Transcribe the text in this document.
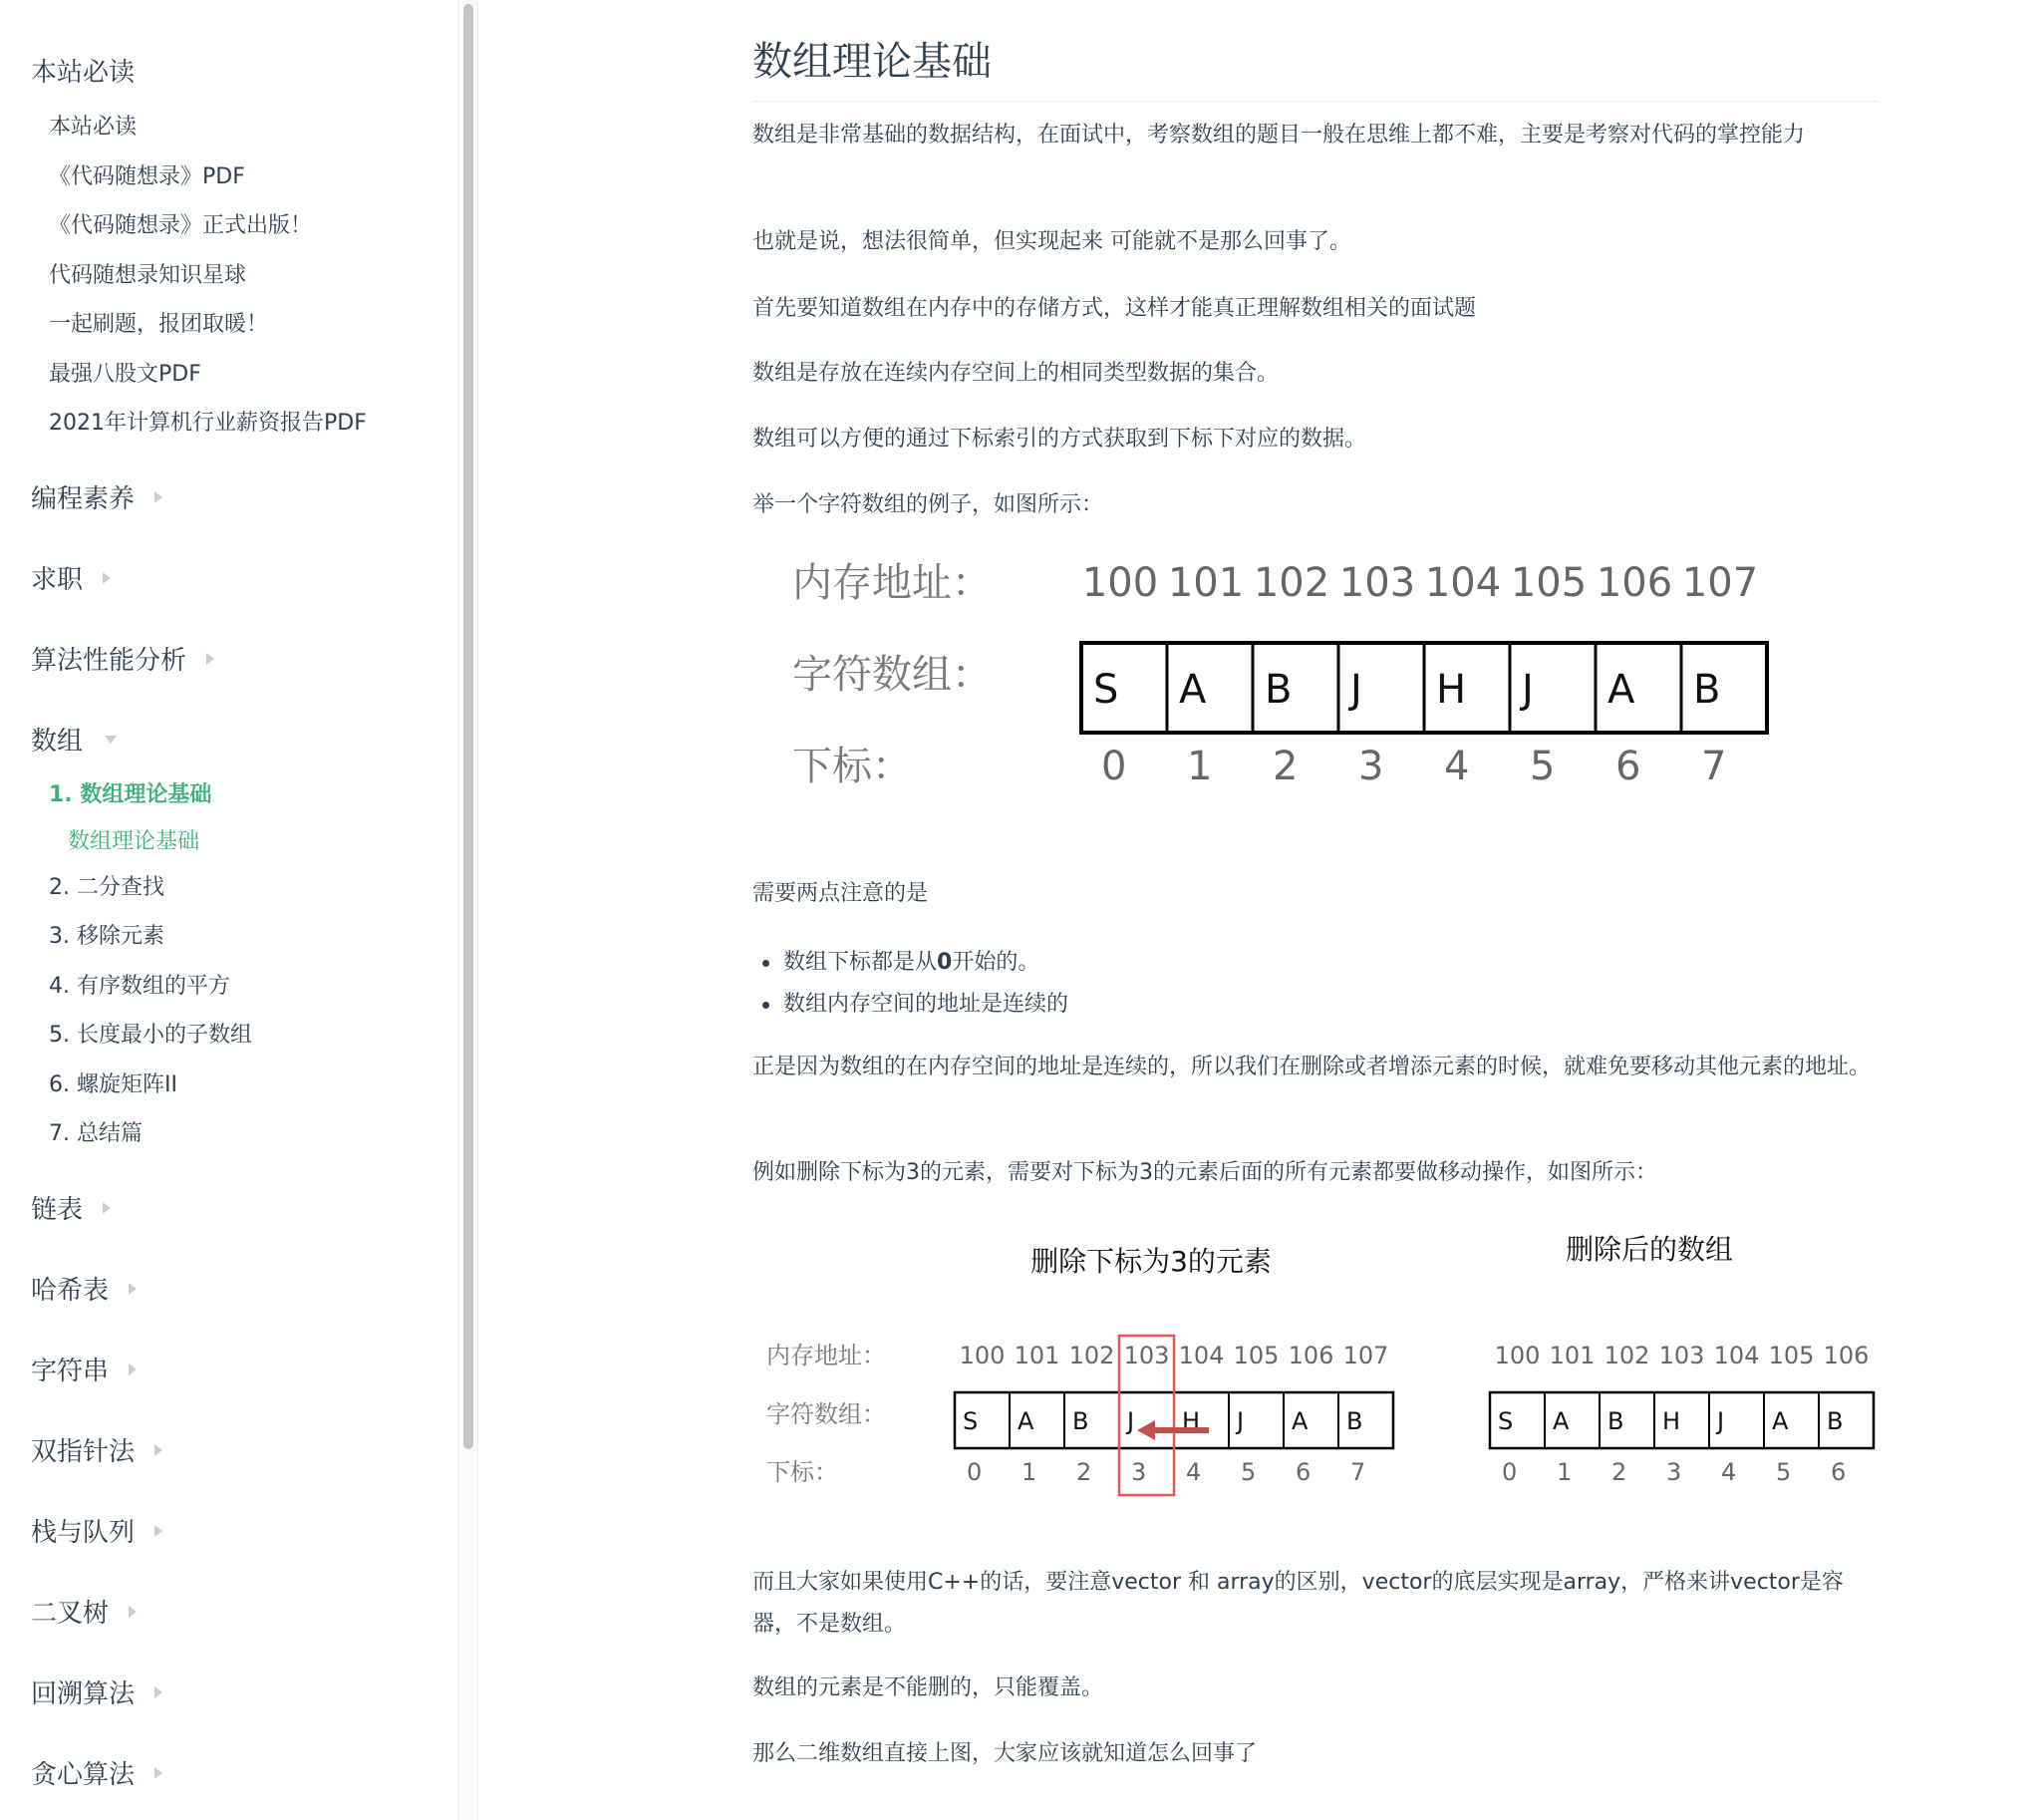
本站必读
本站必读
《代码随想录》PDF
《代码随想录》正式出版！
代码随想录知识星球
一起刷题，报团取暖！
最强八股文PDF
2021年计算机行业薪资报告PDF
编程素养
求职
算法性能分析
数组
1. 数组理论基础
数组理论基础
2. 二分查找
3. 移除元素
4. 有序数组的平方
5. 长度最小的子数组
6. 螺旋矩阵II
7. 总结篇
链表
哈希表
字符串
双指针法
栈与队列
二叉树
回溯算法
贪心算法
数组理论基础

数组是非常基础的数据结构，在面试中，考察数组的题目一般在思维上都不难，主要是考察对代码的掌控能力

也就是说，想法很简单，但实现起来 可能就不是那么回事了。

首先要知道数组在内存中的存储方式，这样才能真正理解数组相关的面试题

数组是存放在连续内存空间上的相同类型数据的集合。

数组可以方便的通过下标索引的方式获取到下标下对应的数据。

举一个字符数组的例子，如图所示：

内存地址：
字符数组：
下标：
100 101 102 103 104 105 106 107
S A B J H J A B
0 1 2 3 4 5 6 7

需要两点注意的是

数组下标都是从0开始的。
数组内存空间的地址是连续的

正是因为数组的在内存空间的地址是连续的，所以我们在删除或者增添元素的时候，就难免要移动其他元素的地址。

例如删除下标为3的元素，需要对下标为3的元素后面的所有元素都要做移动操作，如图所示：

删除下标为3的元素	删除后的数组
内存地址：
字符数组：
下标：
100 101 102 103 104 105 106 107
S A B J H J A B
0 1 2 3 4 5 6 7
100 101 102 103 104 105 106
S A B H J A B
0 1 2 3 4 5 6

而且大家如果使用C++的话，要注意vector 和 array的区别，vector的底层实现是array，严格来讲vector是容器，不是数组。

数组的元素是不能删的，只能覆盖。

那么二维数组直接上图，大家应该就知道怎么回事了
